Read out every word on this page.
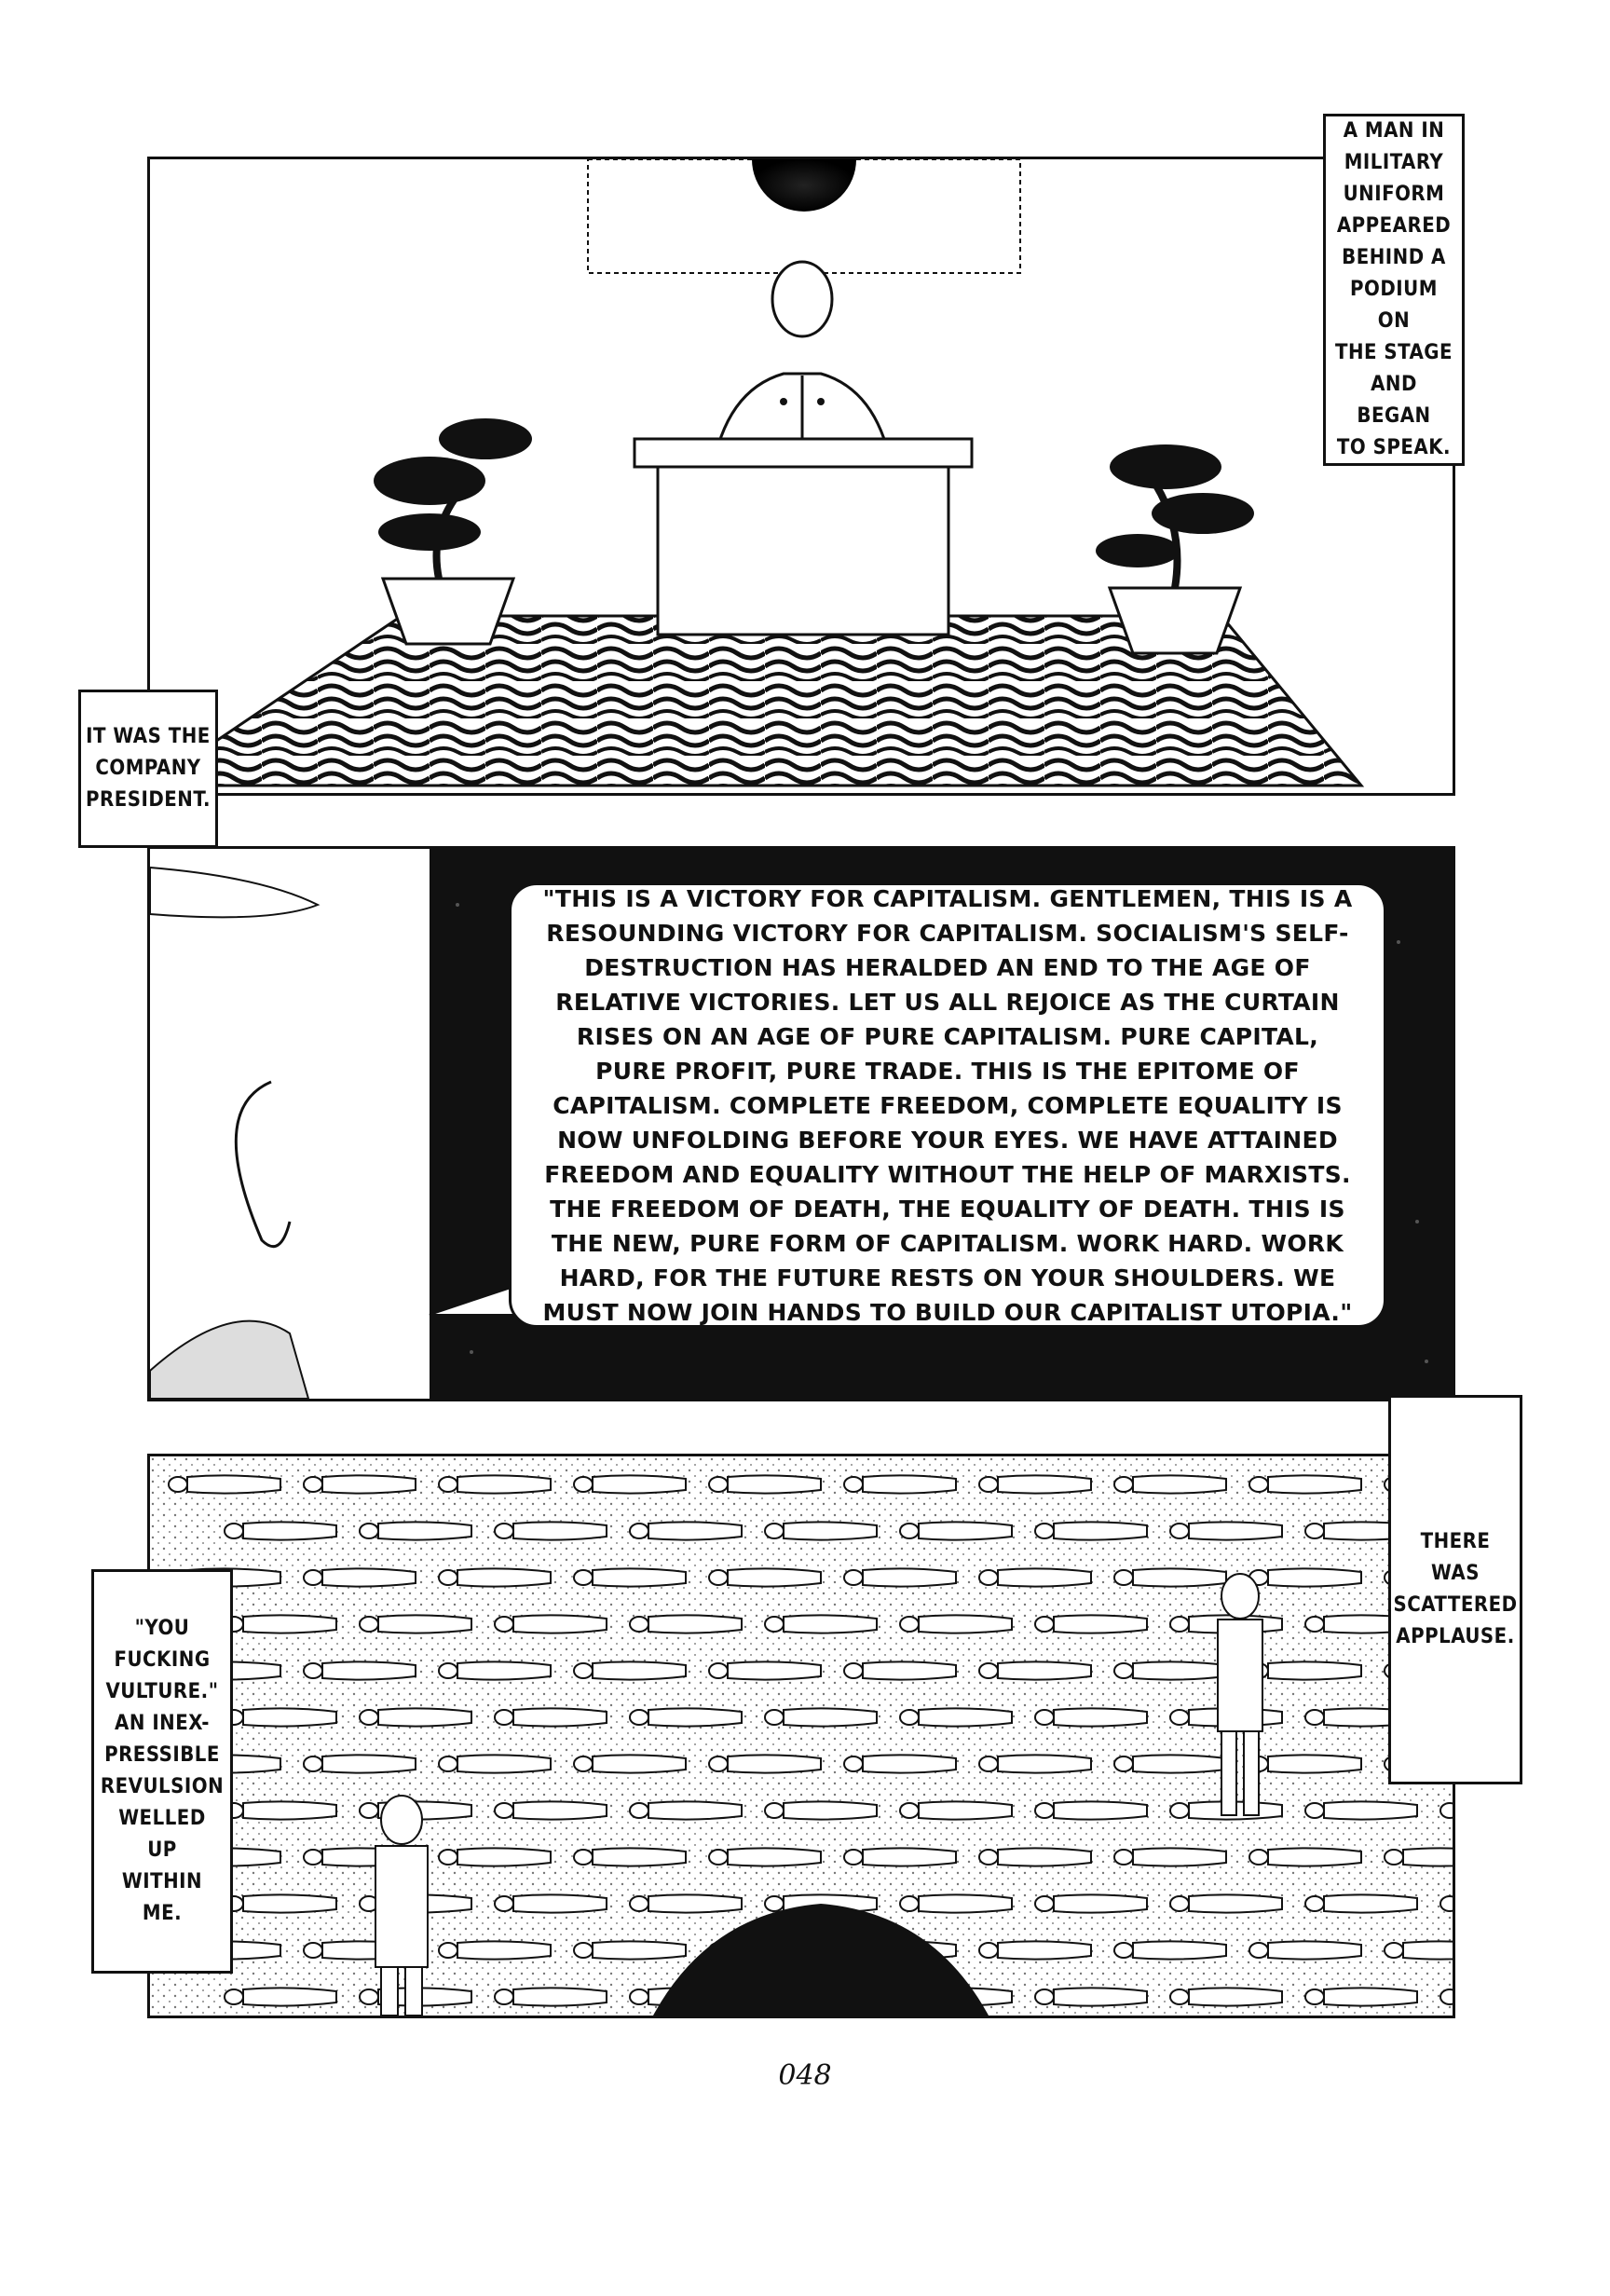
"THIS IS A VICTORY FOR CAPITALISM. GENTLEMEN, THIS IS A RESOUNDING VICTORY FOR CAPITALISM. SOCIALISM'S SELF-DESTRUCTION HAS HERALDED AN END TO THE AGE OF RELATIVE VICTORIES. LET US ALL REJOICE AS THE CURTAIN RISES ON AN AGE OF PURE CAPITALISM. PURE CAPITAL, PURE PROFIT, PURE TRADE. THIS IS THE EPITOME OF CAPITALISM. COMPLETE FREEDOM, COMPLETE EQUALITY IS NOW UNFOLDING BEFORE YOUR EYES. WE HAVE ATTAINED FREEDOM AND EQUALITY WITHOUT THE HELP OF MARXISTS. THE FREEDOM OF DEATH, THE EQUALITY OF DEATH. THIS IS THE NEW, PURE FORM OF CAPITALISM. WORK HARD. WORK HARD, FOR THE FUTURE RESTS ON YOUR SHOULDERS. WE MUST NOW JOIN HANDS TO BUILD OUR CAPITALIST UTOPIA."
A MAN IN
MILITARY
UNIFORM
APPEARED
BEHIND A
PODIUM ON
THE STAGE
AND BEGAN
TO SPEAK.
IT WAS THE
COMPANY
PRESIDENT.
THERE WAS
SCATTERED
APPLAUSE.
"YOU FUCKING
VULTURE."
AN INEX-
PRESSIBLE
REVULSION
WELLED UP
WITHIN ME.
048
